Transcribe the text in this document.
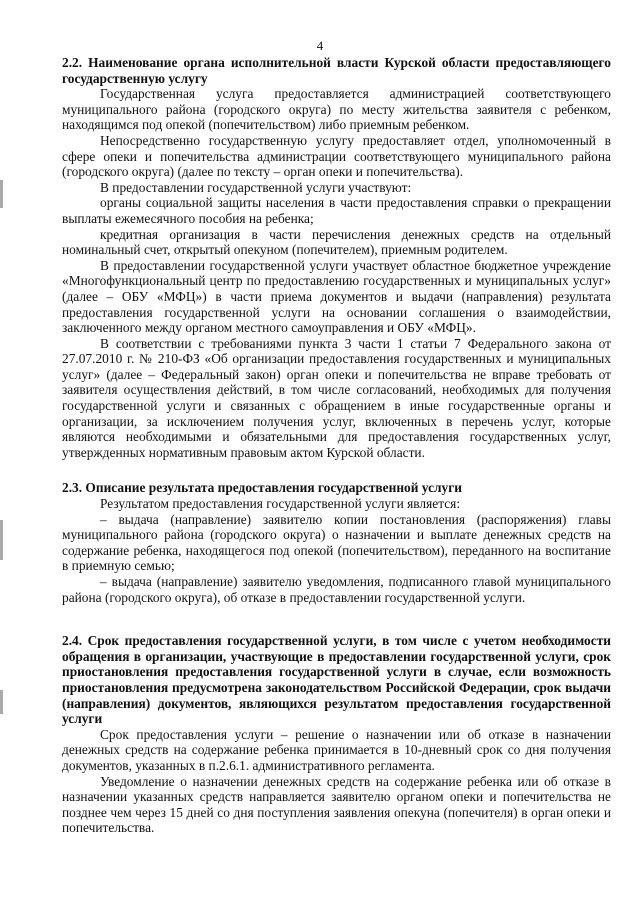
4
2.2. Наименование органа исполнительной власти Курской области предоставляющего государственную услугу

Государственная услуга предоставляется администрацией соответствующего муниципального района (городского округа) по месту жительства заявителя с ребенком, находящимся под опекой (попечительством) либо приемным ребенком.

Непосредственно государственную услугу предоставляет отдел, уполномоченный в сфере опеки и попечительства администрации соответствующего муниципального района (городского округа) (далее по тексту – орган опеки и попечительства).

В предоставлении государственной услуги участвуют:

органы социальной защиты населения в части предоставления справки о прекращении выплаты ежемесячного пособия на ребенка;

кредитная организация в части перечисления денежных средств на отдельный номинальный счет, открытый опекуном (попечителем), приемным родителем.

В предоставлении государственной услуги участвует областное бюджетное учреждение «Многофункциональный центр по предоставлению государственных и муниципальных услуг» (далее – ОБУ «МФЦ») в части приема документов и выдачи (направления) результата предоставления государственной услуги на основании соглашения о взаимодействии, заключенного между органом местного самоуправления и ОБУ «МФЦ».

В соответствии с требованиями пункта 3 части 1 статьи 7 Федерального закона от 27.07.2010 г. № 210-ФЗ «Об организации предоставления государственных и муниципальных услуг» (далее – Федеральный закон) орган опеки и попечительства не вправе требовать от заявителя осуществления действий, в том числе согласований, необходимых для получения государственной услуги и связанных с обращением в иные государственные органы и организации, за исключением получения услуг, включенных в перечень услуг, которые являются необходимыми и обязательными для предоставления государственных услуг, утвержденных нормативным правовым актом Курской области.

2.3. Описание результата предоставления государственной услуги

Результатом предоставления государственной услуги является:

– выдача (направление) заявителю копии постановления (распоряжения) главы муниципального района (городского округа) о назначении и выплате денежных средств на содержание ребенка, находящегося под опекой (попечительством), переданного на воспитание в приемную семью;

– выдача (направление) заявителю уведомления, подписанного главой муниципального района (городского округа), об отказе в предоставлении государственной услуги.

2.4. Срок предоставления государственной услуги, в том числе с учетом необходимости обращения в организации, участвующие в предоставлении государственной услуги, срок приостановления предоставления государственной услуги в случае, если возможность приостановления предусмотрена законодательством Российской Федерации, срок выдачи (направления) документов, являющихся результатом предоставления государственной услуги

Срок предоставления услуги – решение о назначении или об отказе в назначении денежных средств на содержание ребенка принимается в 10-дневный срок со дня получения документов, указанных в п.2.6.1. административного регламента.

Уведомление о назначении денежных средств на содержание ребенка или об отказе в назначении указанных средств направляется заявителю органом опеки и попечительства не позднее чем через 15 дней со дня поступления заявления опекуна (попечителя) в орган опеки и попечительства.
